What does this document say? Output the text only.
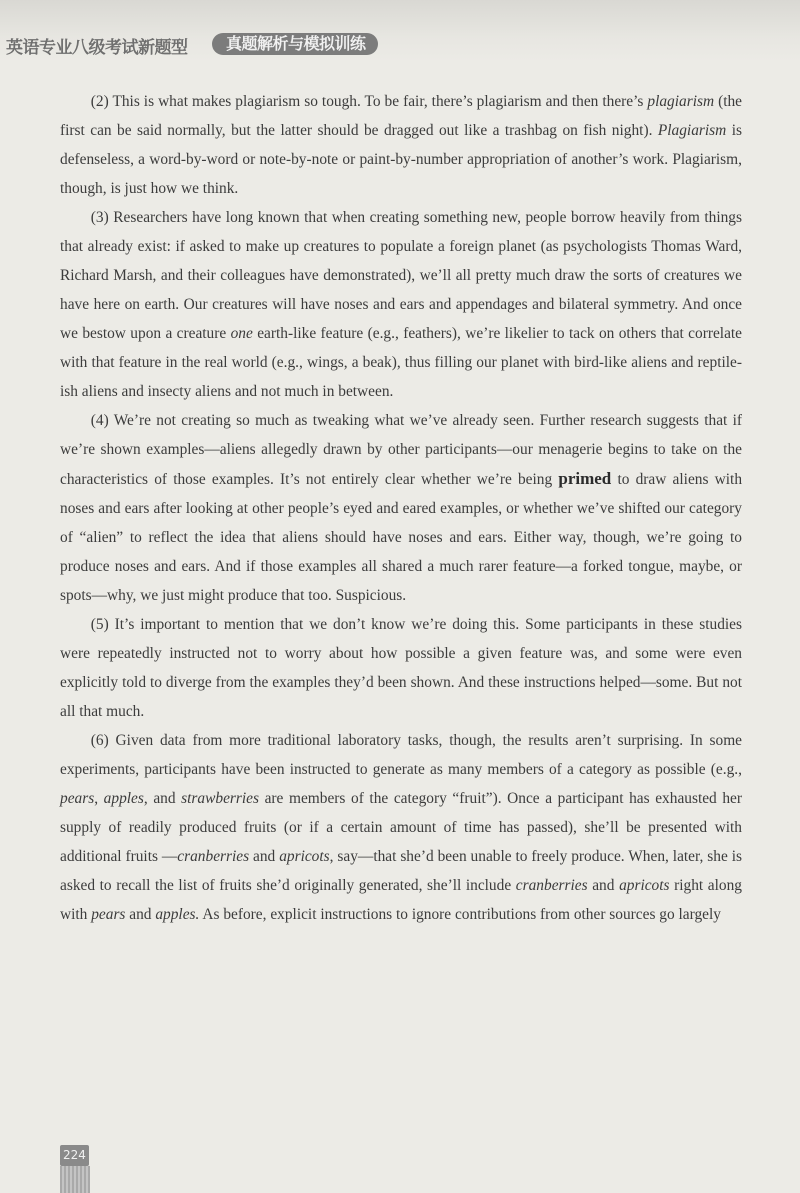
英语专业八级考试新题型	真题解析与模拟训练

(2) This is what makes plagiarism so tough. To be fair, there’s plagiarism and then there’s plagiarism (the first can be said normally, but the latter should be dragged out like a trashbag on fish night). Plagiarism is defenseless, a word-by-word or note-by-note or paint-by-number appropriation of another’s work. Plagiarism, though, is just how we think.

(3) Researchers have long known that when creating something new, people borrow heavily from things that already exist: if asked to make up creatures to populate a foreign planet (as psychologists Thomas Ward, Richard Marsh, and their colleagues have demonstrated), we’ll all pretty much draw the sorts of creatures we have here on earth. Our creatures will have noses and ears and appendages and bilateral symmetry. And once we bestow upon a creature one earth-like feature (e.g., feathers), we’re likelier to tack on others that correlate with that feature in the real world (e.g., wings, a beak), thus filling our planet with bird-like aliens and reptile-ish aliens and insecty aliens and not much in between.

(4) We’re not creating so much as tweaking what we’ve already seen. Further research suggests that if we’re shown examples—aliens allegedly drawn by other participants—our menagerie begins to take on the characteristics of those examples. It’s not entirely clear whether we’re being primed to draw aliens with noses and ears after looking at other people’s eyed and eared examples, or whether we’ve shifted our category of “alien” to reflect the idea that aliens should have noses and ears. Either way, though, we’re going to produce noses and ears. And if those examples all shared a much rarer feature—a forked tongue, maybe, or spots—why, we just might produce that too. Suspicious.

(5) It’s important to mention that we don’t know we’re doing this. Some participants in these studies were repeatedly instructed not to worry about how possible a given feature was, and some were even explicitly told to diverge from the examples they’d been shown. And these instructions helped—some. But not all that much.

(6) Given data from more traditional laboratory tasks, though, the results aren’t surprising. In some experiments, participants have been instructed to generate as many members of a category as possible (e.g., pears, apples, and strawberries are members of the category “fruit”). Once a participant has exhausted her supply of readily produced fruits (or if a certain amount of time has passed), she’ll be presented with additional fruits —cranberries and apricots, say—that she’d been unable to freely produce. When, later, she is asked to recall the list of fruits she’d originally generated, she’ll include cranberries and apricots right along with pears and apples. As before, explicit instructions to ignore contributions from other sources go largely

224
